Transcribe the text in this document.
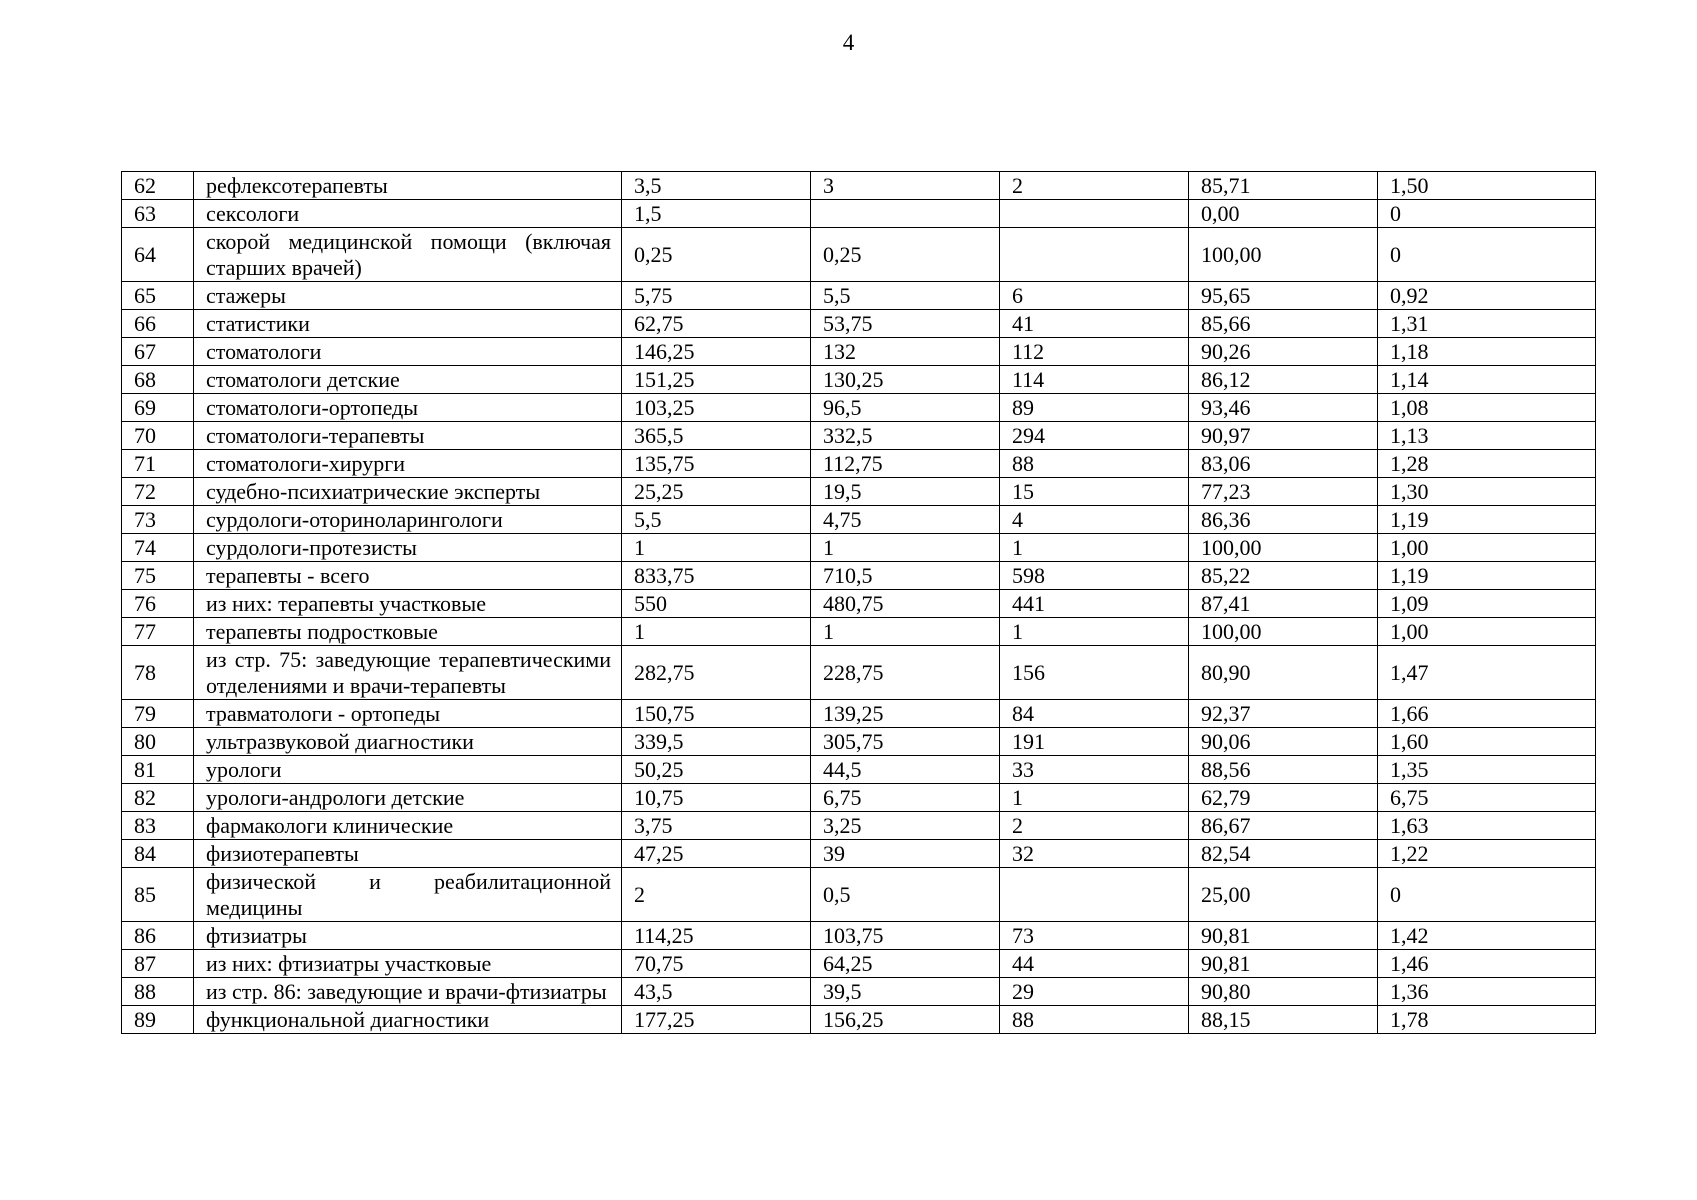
4
62	рефлексотерапевты	3,5	3	2	85,71	1,50
63	сексологи	1,5			0,00	0
64	скорой медицинской помощи (включая старших врачей)	0,25	0,25		100,00	0
65	стажеры	5,75	5,5	6	95,65	0,92
66	статистики	62,75	53,75	41	85,66	1,31
67	стоматологи	146,25	132	112	90,26	1,18
68	стоматологи детские	151,25	130,25	114	86,12	1,14
69	стоматологи-ортопеды	103,25	96,5	89	93,46	1,08
70	стоматологи-терапевты	365,5	332,5	294	90,97	1,13
71	стоматологи-хирурги	135,75	112,75	88	83,06	1,28
72	судебно-психиатрические эксперты	25,25	19,5	15	77,23	1,30
73	сурдологи-оториноларингологи	5,5	4,75	4	86,36	1,19
74	сурдологи-протезисты	1	1	1	100,00	1,00
75	терапевты - всего	833,75	710,5	598	85,22	1,19
76	из них: терапевты участковые	550	480,75	441	87,41	1,09
77	терапевты подростковые	1	1	1	100,00	1,00
78	из стр. 75: заведующие терапевтическими отделениями и врачи-терапевты	282,75	228,75	156	80,90	1,47
79	травматологи - ортопеды	150,75	139,25	84	92,37	1,66
80	ультразвуковой диагностики	339,5	305,75	191	90,06	1,60
81	урологи	50,25	44,5	33	88,56	1,35
82	урологи-андрологи детские	10,75	6,75	1	62,79	6,75
83	фармакологи клинические	3,75	3,25	2	86,67	1,63
84	физиотерапевты	47,25	39	32	82,54	1,22
85	физической и реабилитационной медицины	2	0,5		25,00	0
86	фтизиатры	114,25	103,75	73	90,81	1,42
87	из них: фтизиатры участковые	70,75	64,25	44	90,81	1,46
88	из стр. 86: заведующие и врачи-фтизиатры	43,5	39,5	29	90,80	1,36
89	функциональной диагностики	177,25	156,25	88	88,15	1,78
